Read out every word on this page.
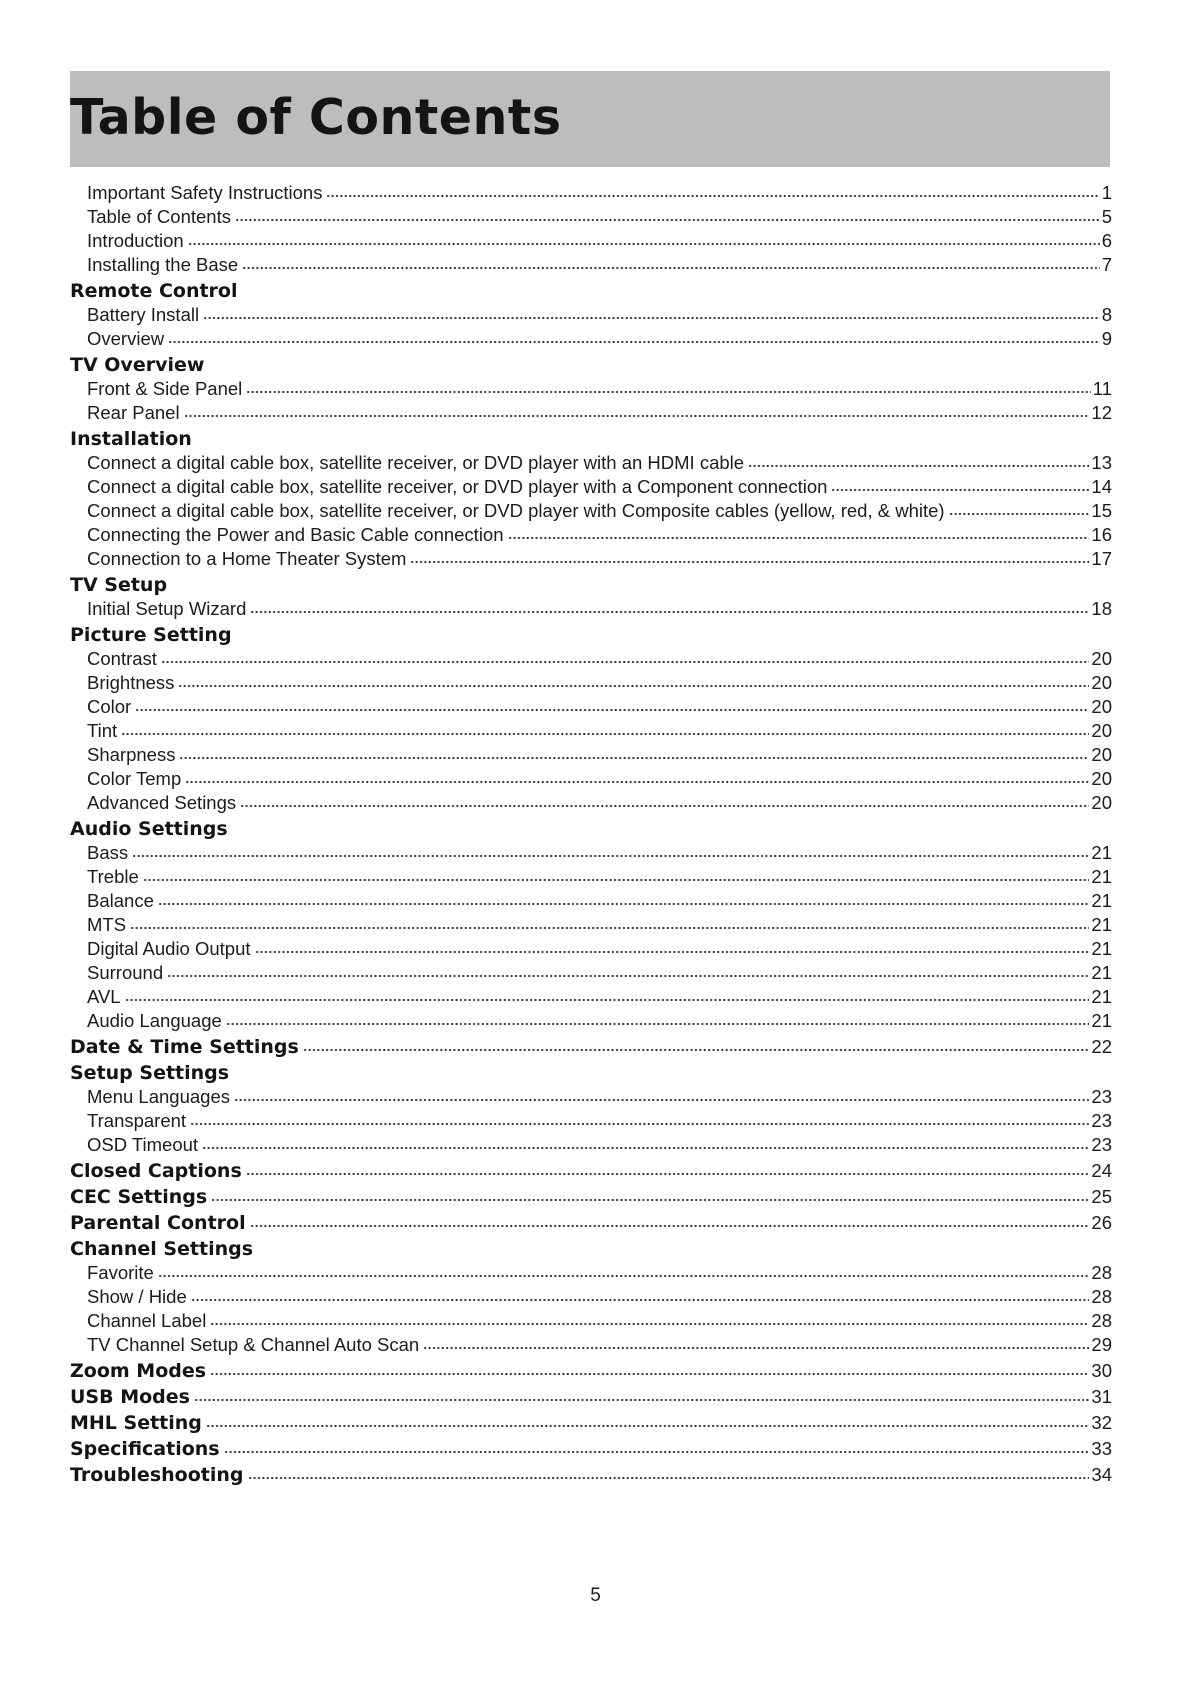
Table of Contents
Important Safety Instructions	1
Table of Contents	5
Introduction	6
Installing the Base	7
Remote Control
Battery Install	8
Overview	9
TV Overview
Front & Side Panel	11
Rear Panel	12
Installation
Connect a digital cable box, satellite receiver, or DVD player with an HDMI cable	13
Connect a digital cable box, satellite receiver, or DVD player with a Component connection	14
Connect a digital cable box, satellite receiver, or DVD player with Composite cables (yellow, red, & white)	15
Connecting the Power and Basic Cable connection	16
Connection to a Home Theater System	17
TV Setup
Initial Setup Wizard	18
Picture Setting
Contrast	20
Brightness	20
Color	20
Tint	20
Sharpness	20
Color Temp	20
Advanced Setings	20
Audio Settings
Bass	21
Treble	21
Balance	21
MTS	21
Digital Audio Output	21
Surround	21
AVL	21
Audio Language	21
Date & Time Settings	22
Setup Settings
Menu Languages	23
Transparent	23
OSD Timeout	23
Closed Captions	24
CEC Settings	25
Parental Control	26
Channel Settings
Favorite	28
Show / Hide	28
Channel Label	28
TV Channel Setup & Channel Auto Scan	29
Zoom Modes	30
USB Modes	31
MHL Setting	32
Specifications	33
Troubleshooting	34
5
